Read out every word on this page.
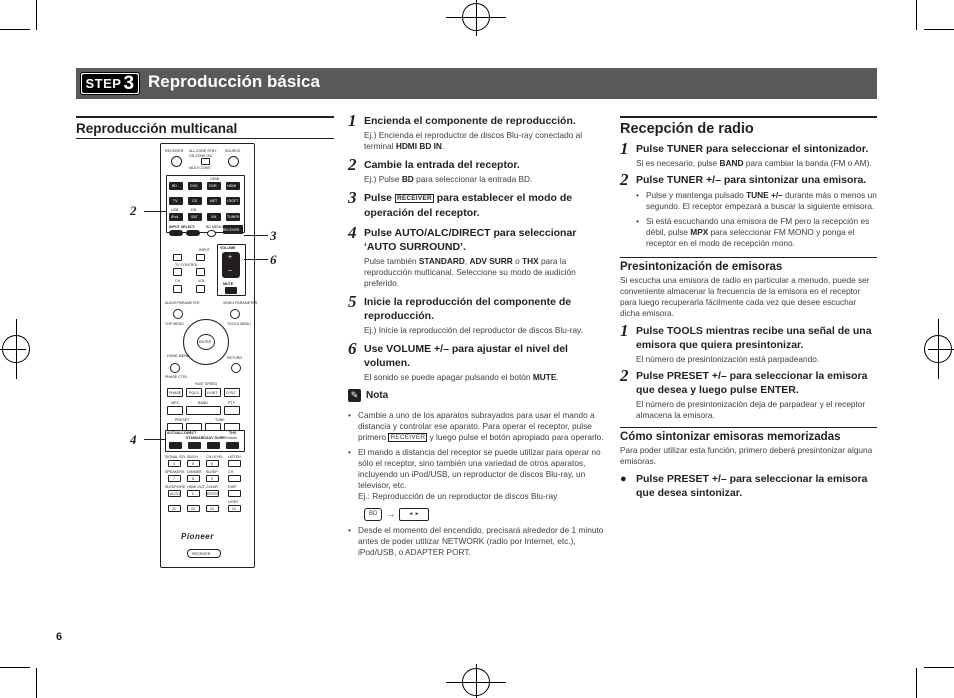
STEP 3 Reproducción básica
Reproducción multicanal
RECEIVER ALL ZONE STBY SOURCE
ON ZONE ON
MULTI ZONE
HDMI
BD	DVD	DVR	HDMI
TV	CD	NET	i.SOFT
USB	DR
iPod	SAT	XM	TUNER
INPUT SELECT	BD MENU
RECEIVER
INPUT	VOLUME
+
–
MUTE
TV CONTROL
CH	VOL
AUDIO PARAMETER	VIDEO PARAMETER
TOP MENU	TOOLS MENU
ENTER
HOME MENU	RETURN
PHASE CTRL
FAST SPEED
PHASE PQLS HI-BIT D.PLT
MPX	BAND	PTY
PRESET	TUNE
AUTO/ALC DIRECT
STANDARD ADV SURR
THX
Forward
SIGNAL SEL SB/CH CH LEVEL LISTEN
4	5	6
SPEAKERS DIMMER SLEEP	CH
7	8	9
SLEEP/ORE HDMI OUT CLEAR	DISP
AUTO	0	ENTER
LIGHT
21	22	23	24
Pioneer
RECEIVER
2
3
6
4
6
1 Encienda el componente de reproducción.
Ej.) Encienda el reproductor de discos Blu-ray conectado al terminal HDMI BD IN.
2 Cambie la entrada del receptor.
Ej.) Pulse BD para seleccionar la entrada BD.
3 Pulse RECEIVER para establecer el modo de operación del receptor.
4 Pulse AUTO/ALC/DIRECT para seleccionar ‘AUTO SURROUND’.
Pulse también STANDARD, ADV SURR o THX para la reproducción multicanal. Seleccione su modo de audición preferido.
5 Inicie la reproducción del componente de reproducción.
Ej.) Inicie la reproducción del reproductor de discos Blu-ray.
6 Use VOLUME +/– para ajustar el nivel del volumen.
El sonido se puede apagar pulsando el botón MUTE.
✎ Nota
• Cambie a uno de los aparatos subrayados para usar el mando a distancia y controlar ese aparato. Para operar el receptor, pulse primero RECEIVER y luego pulse el botón apropiado para operarlo.
• El mando a distancia del receptor se puede utilizar para operar no sólo el receptor, sino también una variedad de otros aparatos, incluyendo un iPod/USB, un reproductor de discos Blu-ray, un televisor, etc.
Ej.: Reproducción de un reproductor de discos Blu-ray
BD	→	◄ ►
• Desde el momento del encendido, precisará alrededor de 1 minuto antes de poder utilizar NETWORK (radio por Internet, etc.), iPod/USB, o ADAPTER PORT.
Recepción de radio
1 Pulse TUNER para seleccionar el sintonizador.
Si es necesario, pulse BAND para cambiar la banda (FM o AM).
2 Pulse TUNER +/– para sintonizar una emisora.
• Pulse y mantenga pulsado TUNE +/– durante más o menos un segundo. El receptor empezará a buscar la siguiente emisora.
• Si está escuchando una emisora de FM pero la recepción es débil, pulse MPX para seleccionar FM MONO y ponga el receptor en el modo de recepción mono.
Presintonización de emisoras
Si escucha una emisora de radio en particular a menudo, puede ser conveniente almacenar la frecuencia de la emisora en el receptor para luego recuperarla fácilmente cada vez que desee escuchar dicha emisora.
1 Pulse TOOLS mientras recibe una señal de una emisora que quiera presintonizar.
El número de presintonización está parpadeando.
2 Pulse PRESET +/– para seleccionar la emisora que desea y luego pulse ENTER.
El número de presintonización deja de parpadear y el receptor almacena la emisora.
Cómo sintonizar emisoras memorizadas
Para poder utilizar esta función, primero deberá presintonizar alguna emisoras.
● Pulse PRESET +/– para seleccionar la emisora que desea sintonizar.
